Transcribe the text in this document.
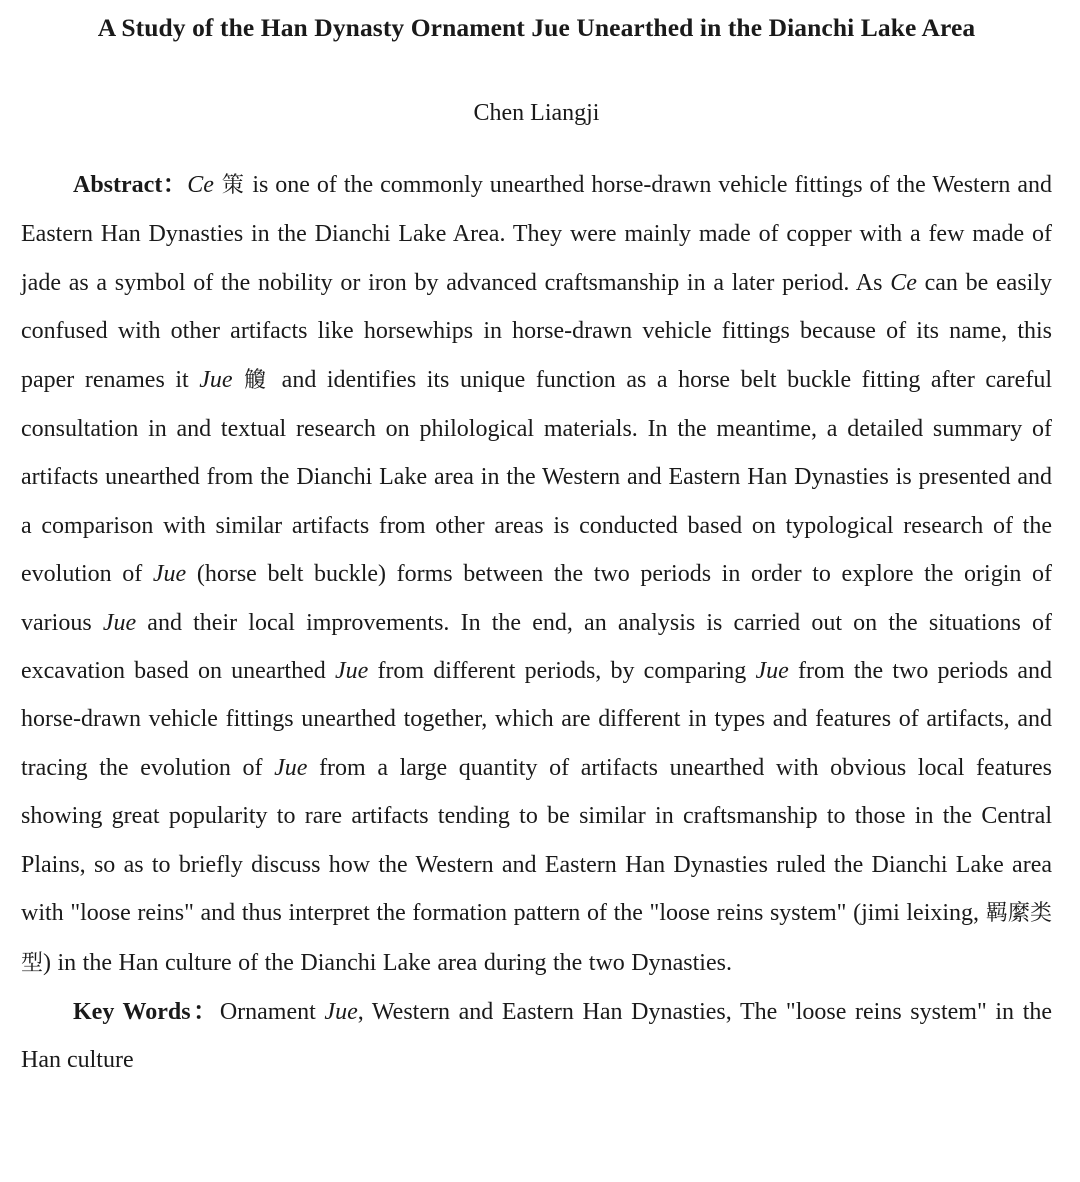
A Study of the Han Dynasty Ornament Jue Unearthed in the Dianchi Lake Area

Chen Liangji

Abstract：Ce 策 is one of the commonly unearthed horse-drawn vehicle fittings of the Western and Eastern Han Dynasties in the Dianchi Lake Area. They were mainly made of copper with a few made of jade as a symbol of the nobility or iron by advanced craftsmanship in a later period. As Ce can be easily confused with other artifacts like horsewhips in horse-drawn vehicle fittings because of its name, this paper renames it Jue 觼 and identifies its unique function as a horse belt buckle fitting after careful consultation in and textual research on philological materials. In the meantime, a detailed summary of artifacts unearthed from the Dianchi Lake area in the Western and Eastern Han Dynasties is presented and a comparison with similar artifacts from other areas is conducted based on typological research of the evolution of Jue (horse belt buckle) forms between the two periods in order to explore the origin of various Jue and their local improvements. In the end, an analysis is carried out on the situations of excavation based on unearthed Jue from different periods, by comparing Jue from the two periods and horse-drawn vehicle fittings unearthed together, which are different in types and features of artifacts, and tracing the evolution of Jue from a large quantity of artifacts unearthed with obvious local features showing great popularity to rare artifacts tending to be similar in craftsmanship to those in the Central Plains, so as to briefly discuss how the Western and Eastern Han Dynasties ruled the Dianchi Lake area with "loose reins" and thus interpret the formation pattern of the "loose reins system" (jimi leixing, 羁縻类型) in the Han culture of the Dianchi Lake area during the two Dynasties.

Key Words：Ornament Jue, Western and Eastern Han Dynasties, The "loose reins system" in the Han culture
